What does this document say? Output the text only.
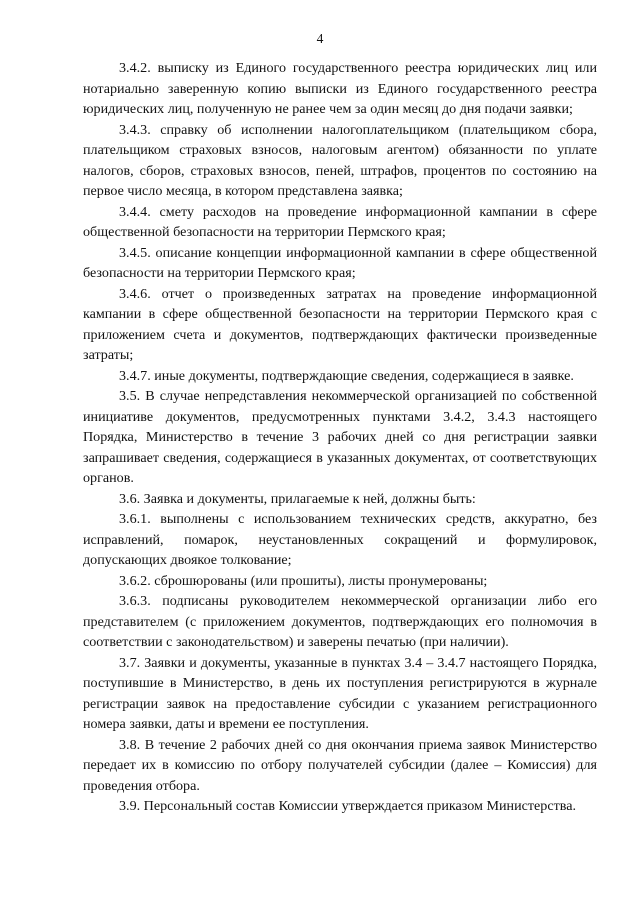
4

3.4.2. выписку из Единого государственного реестра юридических лиц или нотариально заверенную копию выписки из Единого государственного реестра юридических лиц, полученную не ранее чем за один месяц до дня подачи заявки;

3.4.3. справку об исполнении налогоплательщиком (плательщиком сбора, плательщиком страховых взносов, налоговым агентом) обязанности по уплате налогов, сборов, страховых взносов, пеней, штрафов, процентов по состоянию на первое число месяца, в котором представлена заявка;

3.4.4. смету расходов на проведение информационной кампании в сфере общественной безопасности на территории Пермского края;

3.4.5. описание концепции информационной кампании в сфере общественной безопасности на территории Пермского края;

3.4.6. отчет о произведенных затратах на проведение информационной кампании в сфере общественной безопасности на территории Пермского края с приложением счета и документов, подтверждающих фактически произведенные затраты;

3.4.7. иные документы, подтверждающие сведения, содержащиеся в заявке.

3.5. В случае непредставления некоммерческой организацией по собственной инициативе документов, предусмотренных пунктами 3.4.2, 3.4.3 настоящего Порядка, Министерство в течение 3 рабочих дней со дня регистрации заявки запрашивает сведения, содержащиеся в указанных документах, от соответствующих органов.

3.6. Заявка и документы, прилагаемые к ней, должны быть:

3.6.1. выполнены с использованием технических средств, аккуратно, без исправлений, помарок, неустановленных сокращений и формулировок, допускающих двоякое толкование;

3.6.2. сброшюрованы (или прошиты), листы пронумерованы;

3.6.3. подписаны руководителем некоммерческой организации либо его представителем (с приложением документов, подтверждающих его полномочия в соответствии с законодательством) и заверены печатью (при наличии).

3.7. Заявки и документы, указанные в пунктах 3.4 – 3.4.7 настоящего Порядка, поступившие в Министерство, в день их поступления регистрируются в журнале регистрации заявок на предоставление субсидии с указанием регистрационного номера заявки, даты и времени ее поступления.

3.8. В течение 2 рабочих дней со дня окончания приема заявок Министерство передает их в комиссию по отбору получателей субсидии (далее – Комиссия) для проведения отбора.

3.9. Персональный состав Комиссии утверждается приказом Министерства.
